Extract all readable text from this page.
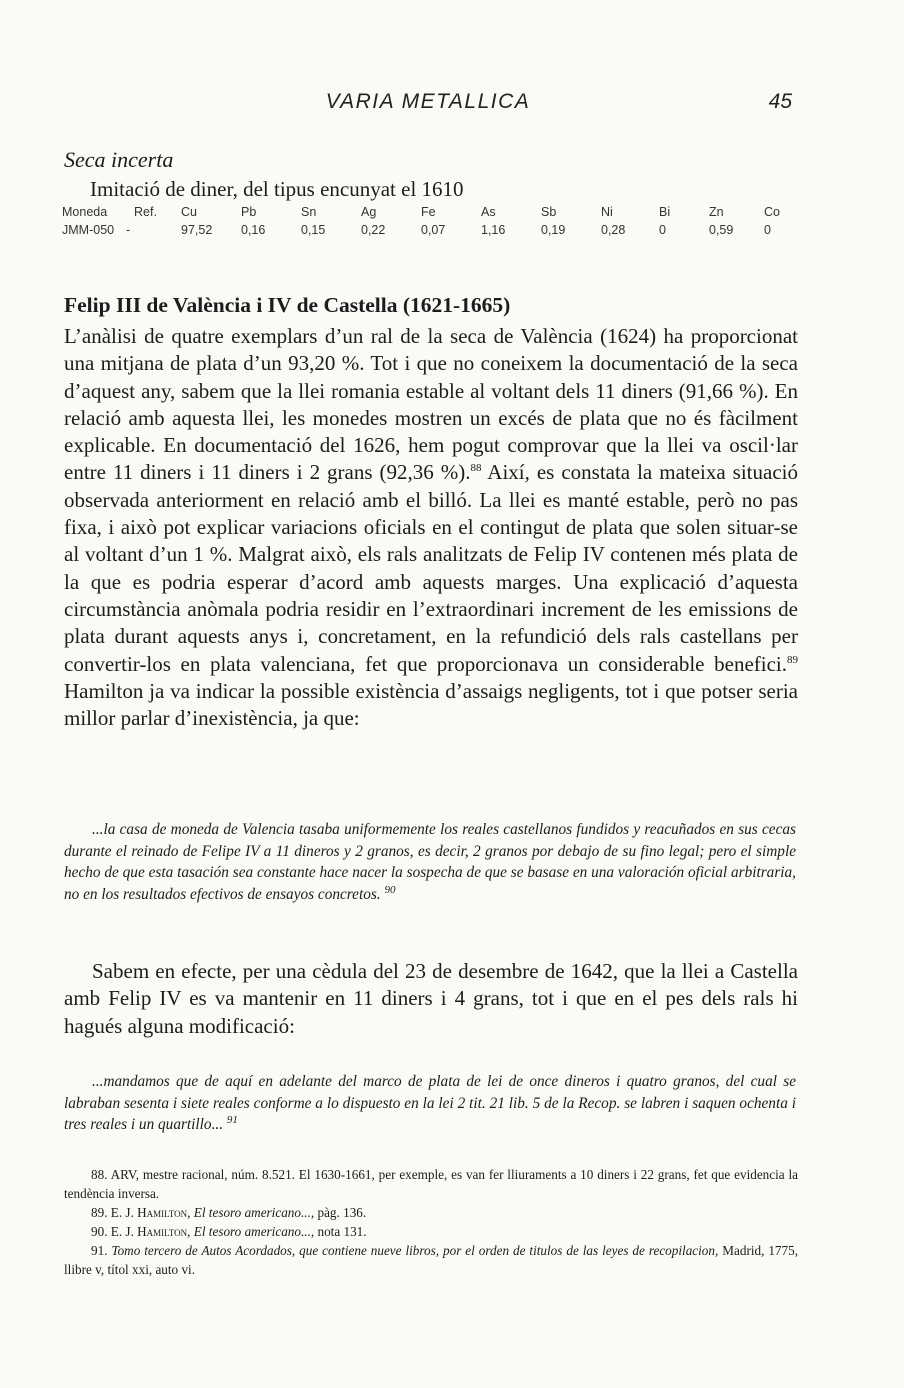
VARIA METALLICA	45
Seca incerta
Imitació de diner, del tipus encunyat el 1610
Moneda	Ref.	Cu	Pb	Sn	Ag	Fe	As	Sb	Ni	Bi	Zn	Co
JMM-050	-	97,52	0,16	0,15	0,22	0,07	1,16	0,19	0,28	0	0,59	0
Felip III de València i IV de Castella (1621-1665)
L’anàlisi de quatre exemplars d’un ral de la seca de València (1624) ha proporcionat una mitjana de plata d’un 93,20 %. Tot i que no coneixem la documentació de la seca d’aquest any, sabem que la llei romania estable al voltant dels 11 diners (91,66 %). En relació amb aquesta llei, les monedes mostren un excés de plata que no és fàcilment explicable. En documentació del 1626, hem pogut comprovar que la llei va oscil·lar entre 11 diners i 11 diners i 2 grans (92,36 %).$^{88}$ Així, es constata la mateixa situació observada anteriorment en relació amb el billó. La llei es manté estable, però no pas fixa, i això pot explicar variacions oficials en el contingut de plata que solen situar-se al voltant d’un 1 %. Malgrat això, els rals analitzats de Felip IV contenen més plata de la que es podria esperar d’acord amb aquests marges. Una explicació d’aquesta circumstància anòmala podria residir en l’extraordinari increment de les emissions de plata durant aquests anys i, concretament, en la refundició dels rals castellans per convertir-los en plata valenciana, fet que proporcionava un considerable benefici.$^{89}$ Hamilton ja va indicar la possible existència d’assaigs negligents, tot i que potser seria millor parlar d’inexistència, ja que:
...la casa de moneda de Valencia tasaba uniformemente los reales castellanos fundidos y reacuñados en sus cecas durante el reinado de Felipe IV a 11 dineros y 2 granos, es decir, 2 granos por debajo de su fino legal; pero el simple hecho de que esta tasación sea constante hace nacer la sospecha de que se basase en una valoración oficial arbitraria, no en los resultados efectivos de ensayos concretos. $^{90}$
Sabem en efecte, per una cèdula del 23 de desembre de 1642, que la llei a Castella amb Felip IV es va mantenir en 11 diners i 4 grans, tot i que en el pes dels rals hi hagués alguna modificació:
...mandamos que de aquí en adelante del marco de plata de lei de once dineros i quatro granos, del cual se labraban sesenta i siete reales conforme a lo dispuesto en la lei 2 tit. 21 lib. 5 de la Recop. se labren i saquen ochenta i tres reales i un quartillo... $^{91}$
88. ARV, mestre racional, núm. 8.521. El 1630-1661, per exemple, es van fer lliuraments a 10 diners i 22 grans, fet que evidencia la tendència inversa.
89. E. J. Hamilton, El tesoro americano..., pàg. 136.
90. E. J. Hamilton, El tesoro americano..., nota 131.
91. Tomo tercero de Autos Acordados, que contiene nueve libros, por el orden de titulos de las leyes de recopilacion, Madrid, 1775, llibre v, títol xxi, auto vi.
